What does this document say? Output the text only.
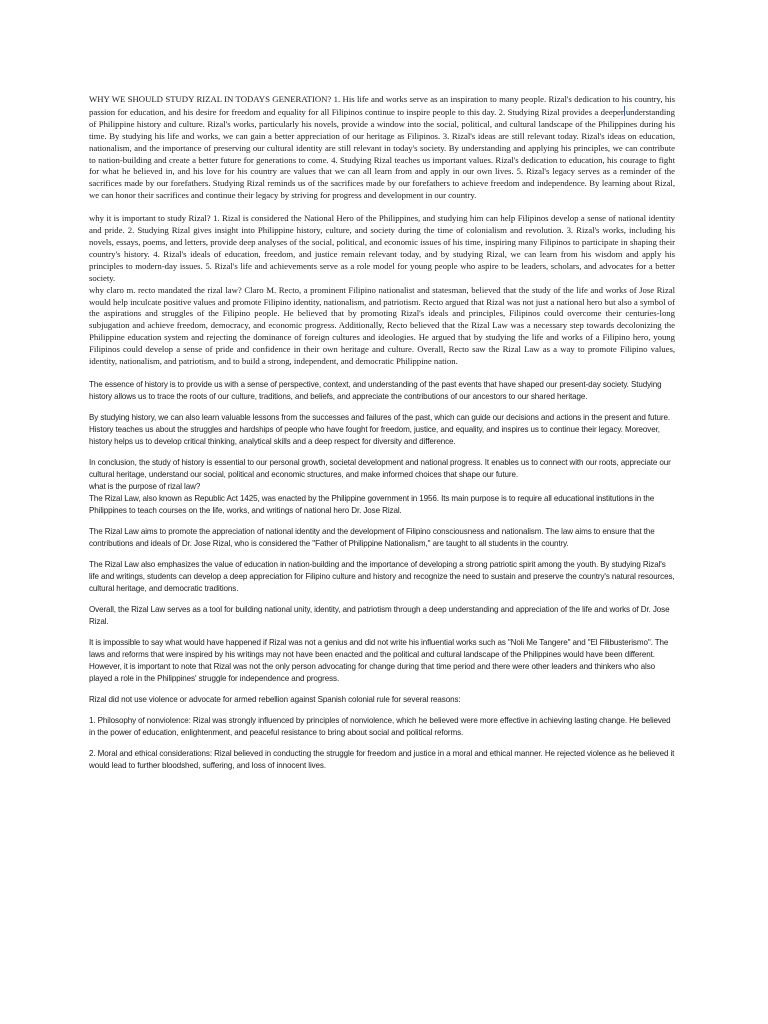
WHY WE SHOULD STUDY RIZAL IN TODAYS GENERATION? 1. His life and works serve as an inspiration to many people. Rizal's dedication to his country, his passion for education, and his desire for freedom and equality for all Filipinos continue to inspire people to this day. 2. Studying Rizal provides a deeper understanding of Philippine history and culture. Rizal's works, particularly his novels, provide a window into the social, political, and cultural landscape of the Philippines during his time. By studying his life and works, we can gain a better appreciation of our heritage as Filipinos. 3. Rizal's ideas are still relevant today. Rizal's ideas on education, nationalism, and the importance of preserving our cultural identity are still relevant in today's society. By understanding and applying his principles, we can contribute to nation-building and create a better future for generations to come. 4. Studying Rizal teaches us important values. Rizal's dedication to education, his courage to fight for what he believed in, and his love for his country are values that we can all learn from and apply in our own lives. 5. Rizal's legacy serves as a reminder of the sacrifices made by our forefathers. Studying Rizal reminds us of the sacrifices made by our forefathers to achieve freedom and independence. By learning about Rizal, we can honor their sacrifices and continue their legacy by striving for progress and development in our country.

why it is important to study Rizal? 1. Rizal is considered the National Hero of the Philippines, and studying him can help Filipinos develop a sense of national identity and pride. 2. Studying Rizal gives insight into Philippine history, culture, and society during the time of colonialism and revolution. 3. Rizal's works, including his novels, essays, poems, and letters, provide deep analyses of the social, political, and economic issues of his time, inspiring many Filipinos to participate in shaping their country's history. 4. Rizal's ideals of education, freedom, and justice remain relevant today, and by studying Rizal, we can learn from his wisdom and apply his principles to modern-day issues. 5. Rizal's life and achievements serve as a role model for young people who aspire to be leaders, scholars, and advocates for a better society.

why claro m. recto mandated the rizal law? Claro M. Recto, a prominent Filipino nationalist and statesman, believed that the study of the life and works of Jose Rizal would help inculcate positive values and promote Filipino identity, nationalism, and patriotism. Recto argued that Rizal was not just a national hero but also a symbol of the aspirations and struggles of the Filipino people. He believed that by promoting Rizal's ideals and principles, Filipinos could overcome their centuries-long subjugation and achieve freedom, democracy, and economic progress. Additionally, Recto believed that the Rizal Law was a necessary step towards decolonizing the Philippine education system and rejecting the dominance of foreign cultures and ideologies. He argued that by studying the life and works of a Filipino hero, young Filipinos could develop a sense of pride and confidence in their own heritage and culture. Overall, Recto saw the Rizal Law as a way to promote Filipino values, identity, nationalism, and patriotism, and to build a strong, independent, and democratic Philippine nation.

The essence of history is to provide us with a sense of perspective, context, and understanding of the past events that have shaped our present-day society. Studying history allows us to trace the roots of our culture, traditions, and beliefs, and appreciate the contributions of our ancestors to our shared heritage.

By studying history, we can also learn valuable lessons from the successes and failures of the past, which can guide our decisions and actions in the present and future. History teaches us about the struggles and hardships of people who have fought for freedom, justice, and equality, and inspires us to continue their legacy. Moreover, history helps us to develop critical thinking, analytical skills and a deep respect for diversity and difference.

In conclusion, the study of history is essential to our personal growth, societal development and national progress. It enables us to connect with our roots, appreciate our cultural heritage, understand our social, political and economic structures, and make informed choices that shape our future.

what is the purpose of rizal law?

The Rizal Law, also known as Republic Act 1425, was enacted by the Philippine government in 1956. Its main purpose is to require all educational institutions in the Philippines to teach courses on the life, works, and writings of national hero Dr. Jose Rizal.

The Rizal Law aims to promote the appreciation of national identity and the development of Filipino consciousness and nationalism. The law aims to ensure that the contributions and ideals of Dr. Jose Rizal, who is considered the "Father of Philippine Nationalism," are taught to all students in the country.

The Rizal Law also emphasizes the value of education in nation-building and the importance of developing a strong patriotic spirit among the youth. By studying Rizal's life and writings, students can develop a deep appreciation for Filipino culture and history and recognize the need to sustain and preserve the country's natural resources, cultural heritage, and democratic traditions.

Overall, the Rizal Law serves as a tool for building national unity, identity, and patriotism through a deep understanding and appreciation of the life and works of Dr. Jose Rizal.

It is impossible to say what would have happened if Rizal was not a genius and did not write his influential works such as "Noli Me Tangere" and "El Filibusterismo". The laws and reforms that were inspired by his writings may not have been enacted and the political and cultural landscape of the Philippines would have been different. However, it is important to note that Rizal was not the only person advocating for change during that time period and there were other leaders and thinkers who also played a role in the Philippines' struggle for independence and progress.

Rizal did not use violence or advocate for armed rebellion against Spanish colonial rule for several reasons:

1. Philosophy of nonviolence: Rizal was strongly influenced by principles of nonviolence, which he believed were more effective in achieving lasting change. He believed in the power of education, enlightenment, and peaceful resistance to bring about social and political reforms.

2. Moral and ethical considerations: Rizal believed in conducting the struggle for freedom and justice in a moral and ethical manner. He rejected violence as he believed it would lead to further bloodshed, suffering, and loss of innocent lives.
